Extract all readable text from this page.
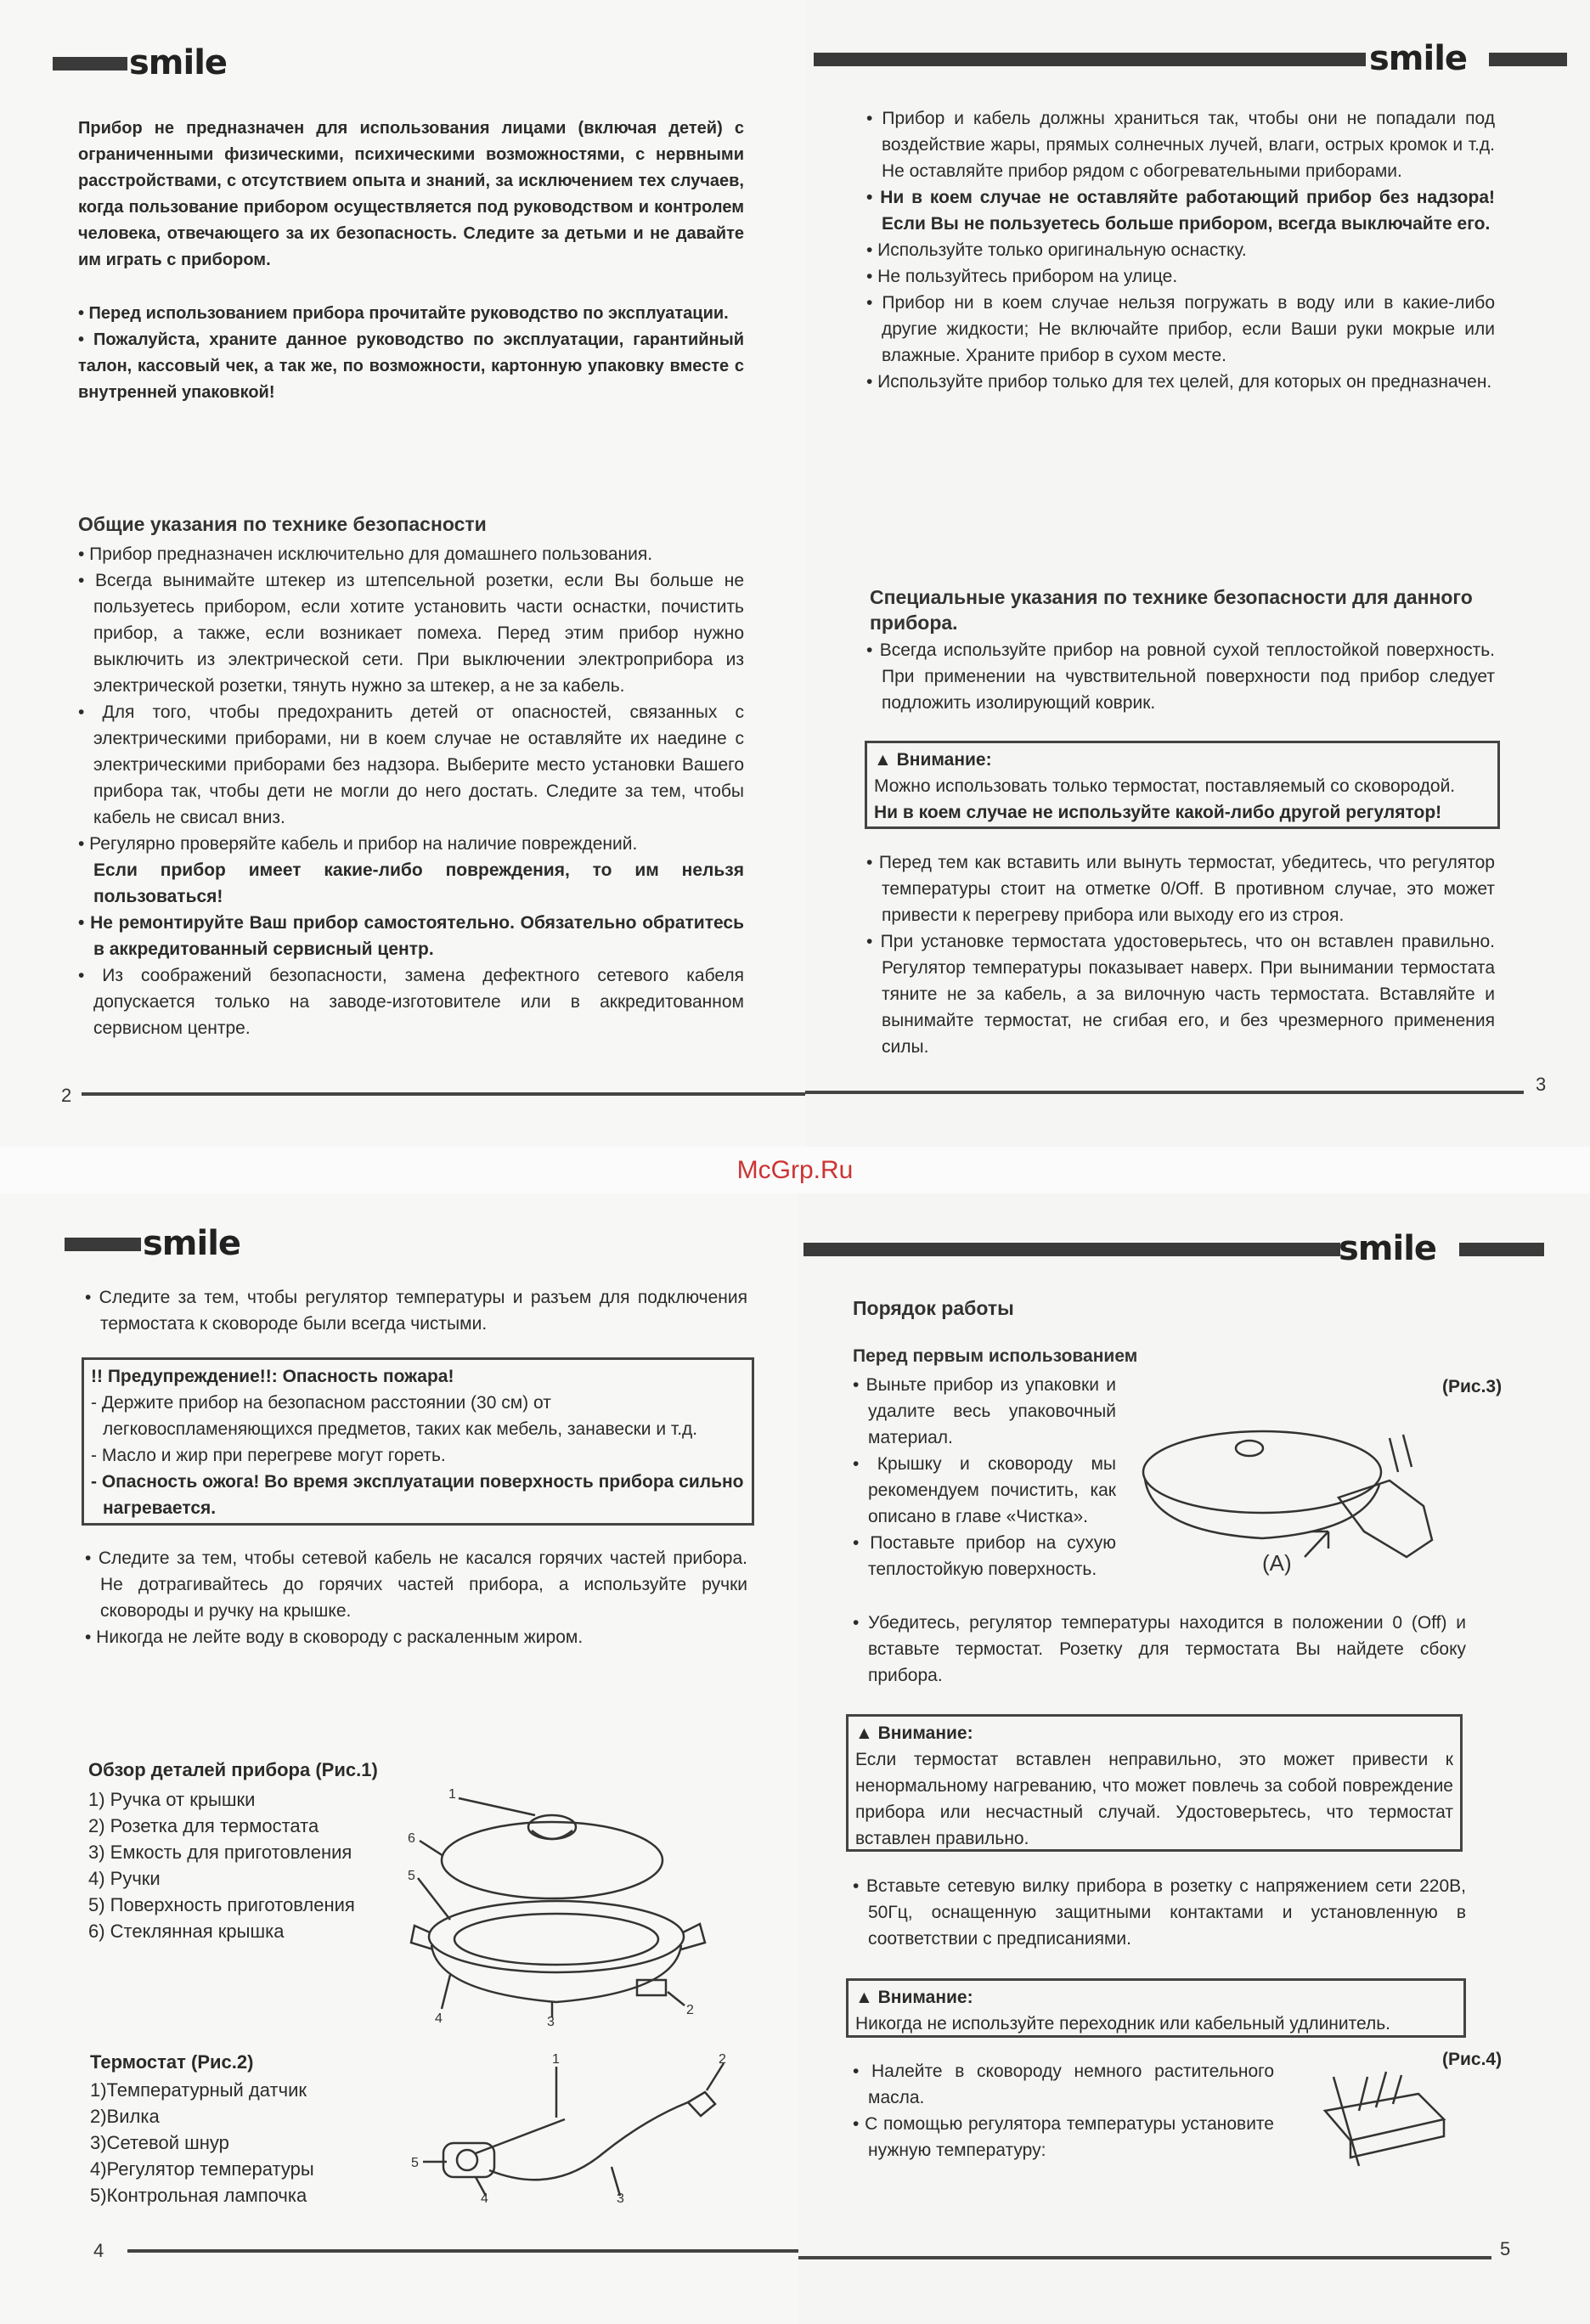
smile

Прибор не предназначен для использования лицами (включая детей) с ограниченными физическими, психическими возможностями, с нервными расстройствами, с отсутствием опыта и знаний, за исключением тех случаев, когда пользование прибором осуществляется под руководством и контролем человека, отвечающего за их безопасность. Следите за детьми и не давайте им играть с прибором.

• Перед использованием прибора прочитайте руководство по эксплуатации.

• Пожалуйста, храните данное руководство по эксплуатации, гарантийный талон, кассовый чек, а так же, по возможности, картонную упаковку вместе с внутренней упаковкой!

Общие указания по технике безопасности

• Прибор предназначен исключительно для домашнего пользования.

• Всегда вынимайте штекер из штепсельной розетки, если Вы больше не пользуетесь прибором, если хотите установить части оснастки, почистить прибор, а также, если возникает помеха. Перед этим прибор нужно выключить из электрической сети. При выключении электроприбора из электрической розетки, тянуть нужно за штекер, а не за кабель.

• Для того, чтобы предохранить детей от опасностей, связанных с электрическими приборами, ни в коем случае не оставляйте их наедине с электрическими приборами без надзора. Выберите место установки Вашего прибора так, чтобы дети не могли до него достать. Следите за тем, чтобы кабель не свисал вниз.

• Регулярно проверяйте кабель и прибор на наличие повреждений.

Если прибор имеет какие-либо повреждения, то им нельзя пользоваться!

• Не ремонтируйте Ваш прибор самостоятельно. Обязательно обратитесь в аккредитованный сервисный центр.

• Из соображений безопасности, замена дефектного сетевого кабеля допускается только на заводе-изготовителе или в аккредитованном сервисном центре.

2
smile

• Прибор и кабель должны храниться так, чтобы они не попадали под воздействие жары, прямых солнечных лучей, влаги, острых кромок и т.д. Не оставляйте прибор рядом с обогревательными приборами.

• Ни в коем случае не оставляйте работающий прибор без надзора! Если Вы не пользуетесь больше прибором, всегда выключайте его.

• Используйте только оригинальную оснастку.

• Не пользуйтесь прибором на улице.

• Прибор ни в коем случае нельзя погружать в воду или в какие-либо другие жидкости; Не включайте прибор, если Ваши руки мокрые или влажные. Храните прибор в сухом месте.

• Используйте прибор только для тех целей, для которых он предназначен.

Специальные указания по технике безопасности для данного прибора.

• Всегда используйте прибор на ровной сухой теплостойкой поверхность. При применении на чувствительной поверхности под прибор следует подложить изолирующий коврик.

▲ Внимание:
Можно использовать только термостат, поставляемый со сковородой.
Ни в коем случае не используйте какой-либо другой регулятор!

• Перед тем как вставить или вынуть термостат, убедитесь, что регулятор температуры стоит на отметке 0/Off. В противном случае, это может привести к перегреву прибора или выходу его из строя.

• При установке термостата удостоверьтесь, что он вставлен правильно. Регулятор температуры показывает наверх. При вынимании термостата тяните не за кабель, а за вилочную часть термостата. Вставляйте и вынимайте термостат, не сгибая его, и без чрезмерного применения силы.

3
McGrp.Ru
smile

• Следите за тем, чтобы регулятор температуры и разъем для подключения термостата к сковороде были всегда чистыми.

!! Предупреждение!!: Опасность пожара!
- Держите прибор на безопасном расстоянии (30 см) от легковоспламеняющихся предметов, таких как мебель, занавески и т.д.
- Масло и жир при перегреве могут гореть.
- Опасность ожога! Во время эксплуатации поверхность прибора сильно нагревается.

• Следите за тем, чтобы сетевой кабель не касался горячих частей прибора. Не дотрагивайтесь до горячих частей прибора, а используйте ручки сковороды и ручку на крышке.

• Никогда не лейте воду в сковороду с раскаленным жиром.

Обзор деталей прибора (Рис.1)
1) Ручка от крышки
2) Розетка для термостата
3) Емкость для приготовления
4) Ручки
5) Поверхность приготовления
6) Стеклянная крышка
1
6
5
4	3
2
Термостат (Рис.2)
1)Температурный датчик
2)Вилка
3)Сетевой шнур
4)Регулятор температуры
5)Контрольная лампочка
1	2
5
4	3
4
smile
Порядок работы
Перед первым использованием
(Рис.3)

• Выньте прибор из упаковки и удалите весь упаковочный материал.

• Крышку и сковороду мы рекомендуем почистить, как описано в главе «Чистка».

• Поставьте прибор на сухую теплостойкую поверхность.	(A)

• Убедитесь, регулятор температуры находится в положении 0 (Off) и вставьте термостат. Розетку для термостата Вы найдете сбоку прибора.

▲ Внимание:
Если термостат вставлен неправильно, это может привести к ненормальному нагреванию, что может повлечь за собой повреждение прибора или несчастный случай. Удостоверьтесь, что термостат вставлен правильно.

• Вставьте сетевую вилку прибора в розетку с напряжением сети 220В, 50Гц, оснащенную защитными контактами и установленную в соответствии с предписаниями.

▲ Внимание:
Никогда не используйте переходник или кабельный удлинитель.
(Рис.4)

• Налейте в сковороду немного растительного масла.

• С помощью регулятора температуры установите нужную температуру:

5
